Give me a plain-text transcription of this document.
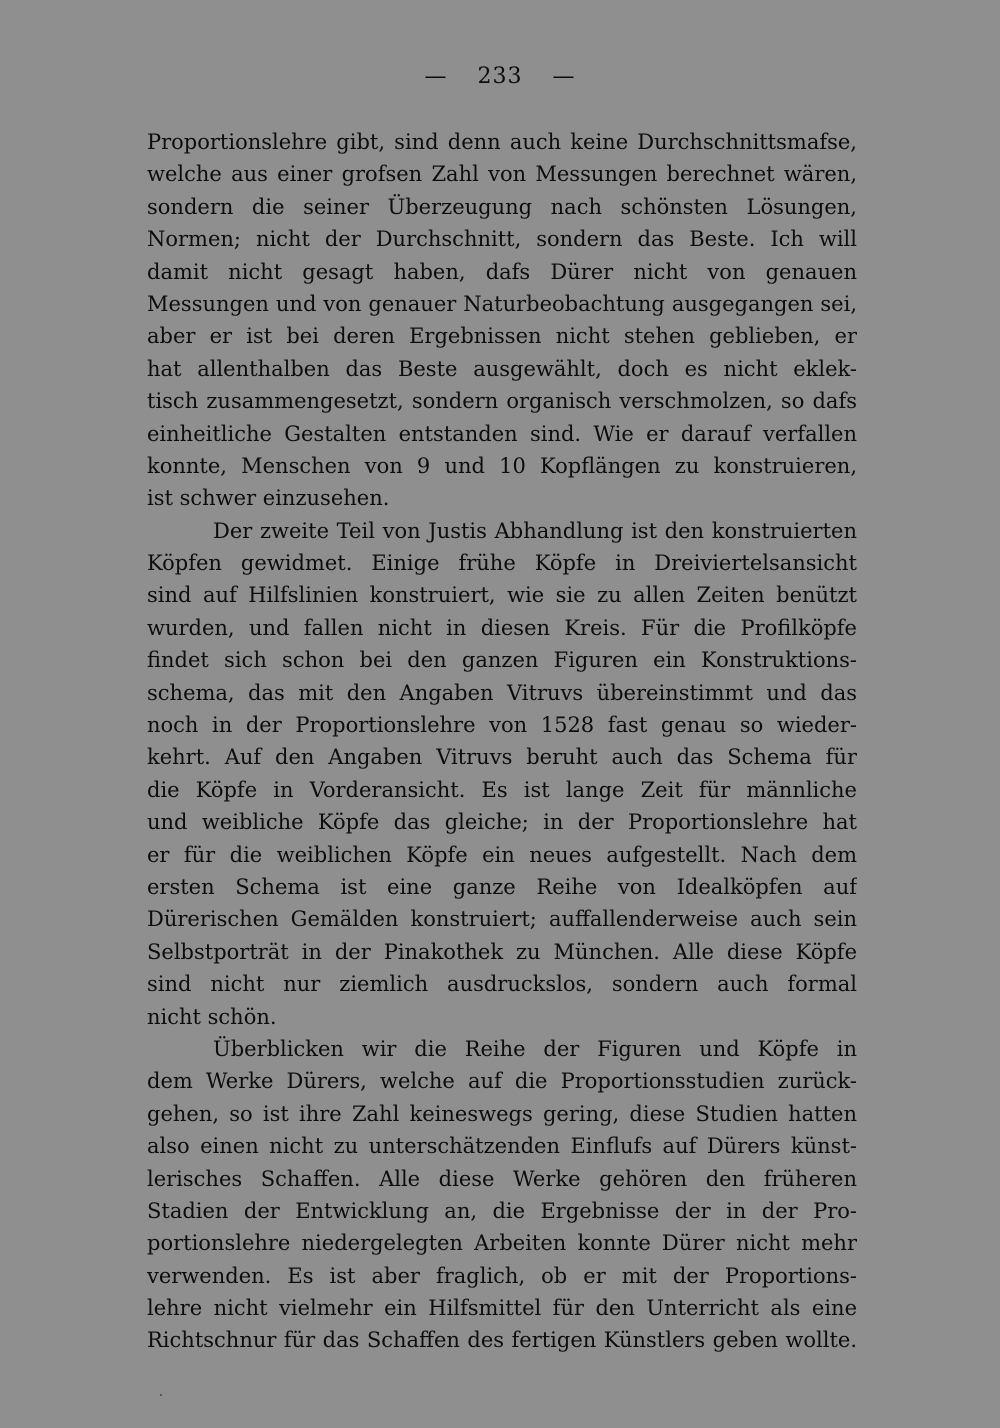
— 233 —
Proportionslehre gibt, sind denn auch keine Durchschnittsmafse,
welche aus einer grofsen Zahl von Messungen berechnet wären,
sondern die seiner Überzeugung nach schönsten Lösungen,
Normen; nicht der Durchschnitt, sondern das Beste. Ich will
damit nicht gesagt haben, dafs Dürer nicht von genauen
Messungen und von genauer Naturbeobachtung ausgegangen sei,
aber er ist bei deren Ergebnissen nicht stehen geblieben, er
hat allenthalben das Beste ausgewählt, doch es nicht eklek-
tisch zusammengesetzt, sondern organisch verschmolzen, so dafs
einheitliche Gestalten entstanden sind. Wie er darauf verfallen
konnte, Menschen von 9 und 10 Kopflängen zu konstruieren,
ist schwer einzusehen.
Der zweite Teil von Justis Abhandlung ist den konstruierten
Köpfen gewidmet. Einige frühe Köpfe in Dreiviertelsansicht
sind auf Hilfslinien konstruiert, wie sie zu allen Zeiten benützt
wurden, und fallen nicht in diesen Kreis. Für die Profilköpfe
findet sich schon bei den ganzen Figuren ein Konstruktions-
schema, das mit den Angaben Vitruvs übereinstimmt und das
noch in der Proportionslehre von 1528 fast genau so wieder-
kehrt. Auf den Angaben Vitruvs beruht auch das Schema für
die Köpfe in Vorderansicht. Es ist lange Zeit für männliche
und weibliche Köpfe das gleiche; in der Proportionslehre hat
er für die weiblichen Köpfe ein neues aufgestellt. Nach dem
ersten Schema ist eine ganze Reihe von Idealköpfen auf
Dürerischen Gemälden konstruiert; auffallenderweise auch sein
Selbstporträt in der Pinakothek zu München. Alle diese Köpfe
sind nicht nur ziemlich ausdruckslos, sondern auch formal
nicht schön.
Überblicken wir die Reihe der Figuren und Köpfe in
dem Werke Dürers, welche auf die Proportionsstudien zurück-
gehen, so ist ihre Zahl keineswegs gering, diese Studien hatten
also einen nicht zu unterschätzenden Einflufs auf Dürers künst-
lerisches Schaffen. Alle diese Werke gehören den früheren
Stadien der Entwicklung an, die Ergebnisse der in der Pro-
portionslehre niedergelegten Arbeiten konnte Dürer nicht mehr
verwenden. Es ist aber fraglich, ob er mit der Proportions-
lehre nicht vielmehr ein Hilfsmittel für den Unterricht als eine
Richtschnur für das Schaffen des fertigen Künstlers geben wollte.
